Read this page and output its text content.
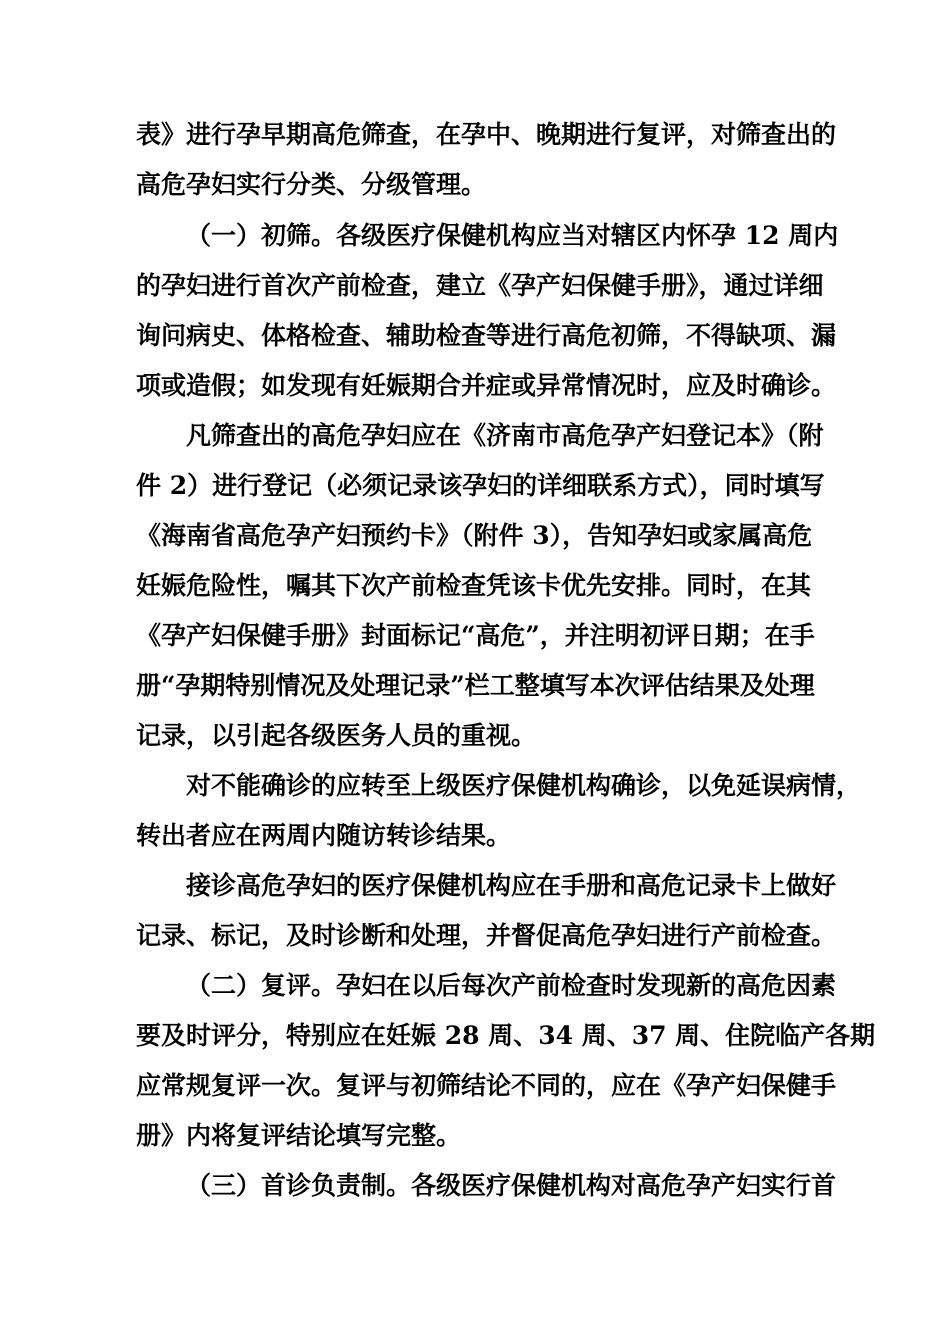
表》进行孕早期高危筛查，在孕中、晚期进行复评，对筛查出的
高危孕妇实行分类、分级管理。
（一）初筛。各级医疗保健机构应当对辖区内怀孕 12 周内
的孕妇进行首次产前检查，建立《孕产妇保健手册》，通过详细
询问病史、体格检查、辅助检查等进行高危初筛，不得缺项、漏
项或造假；如发现有妊娠期合并症或异常情况时，应及时确诊。
凡筛查出的高危孕妇应在《济南市高危孕产妇登记本》（附
件 2）进行登记（必须记录该孕妇的详细联系方式），同时填写
《海南省高危孕产妇预约卡》（附件 3），告知孕妇或家属高危
妊娠危险性，嘱其下次产前检查凭该卡优先安排。同时，在其
《孕产妇保健手册》封面标记“高危”，并注明初评日期；在手
册“孕期特别情况及处理记录”栏工整填写本次评估结果及处理
记录，以引起各级医务人员的重视。
对不能确诊的应转至上级医疗保健机构确诊，以免延误病情，
转出者应在两周内随访转诊结果。
接诊高危孕妇的医疗保健机构应在手册和高危记录卡上做好
记录、标记，及时诊断和处理，并督促高危孕妇进行产前检查。
（二）复评。孕妇在以后每次产前检查时发现新的高危因素
要及时评分，特别应在妊娠 28 周、34 周、37 周、住院临产各期
应常规复评一次。复评与初筛结论不同的，应在《孕产妇保健手
册》内将复评结论填写完整。
（三）首诊负责制。各级医疗保健机构对高危孕产妇实行首
